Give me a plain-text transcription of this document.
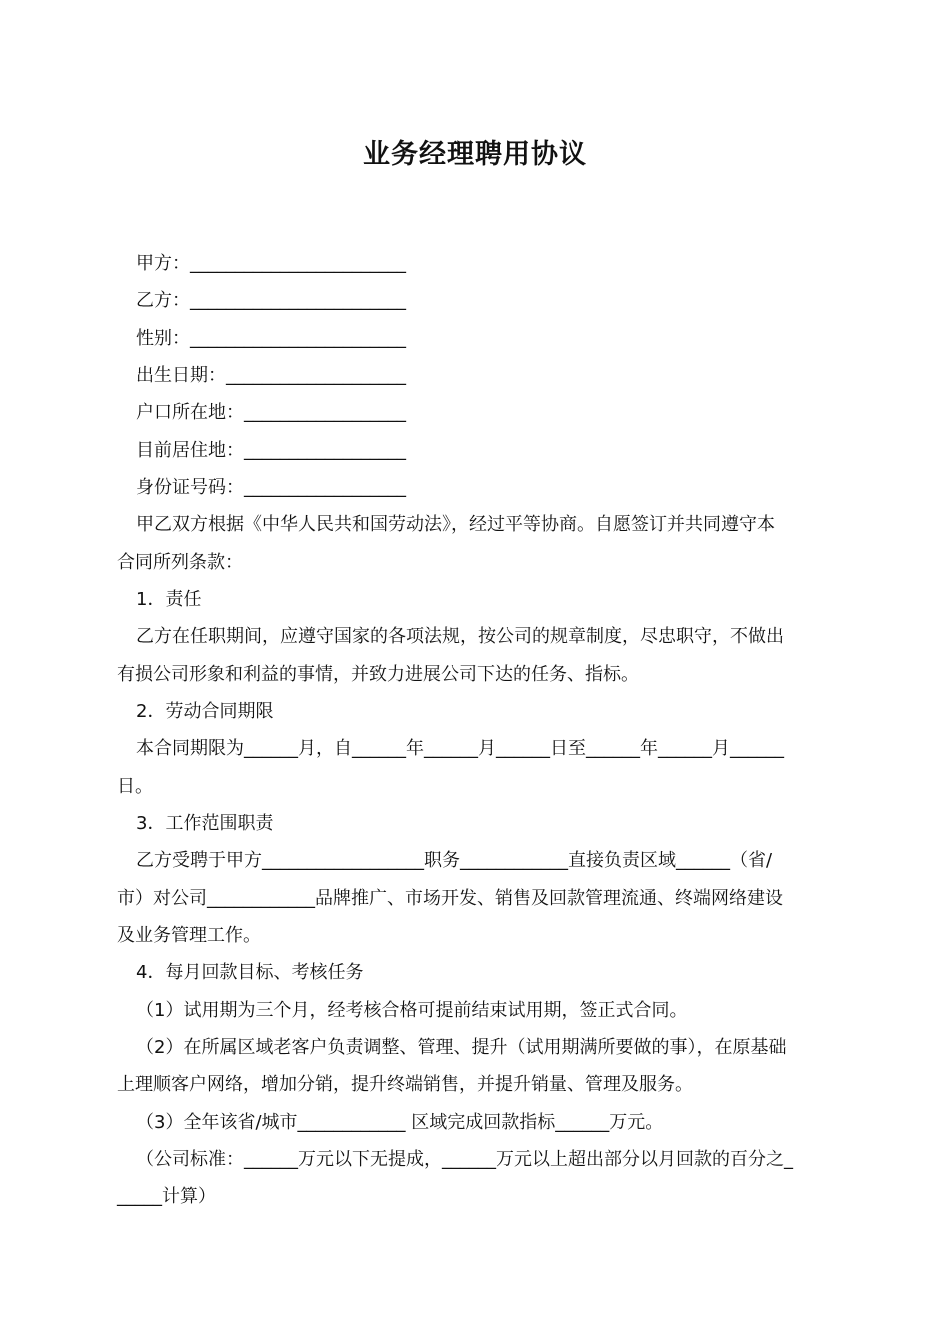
业务经理聘用协议

甲方：________________________

乙方：________________________

性别：________________________

出生日期：____________________

户口所在地：__________________

目前居住地：__________________

身份证号码：__________________

甲乙双方根据《中华人民共和国劳动法》，经过平等协商。自愿签订并共同遵守本

合同所列条款：

1．责任

乙方在任职期间，应遵守国家的各项法规，按公司的规章制度，尽忠职守，不做出

有损公司形象和利益的事情，并致力进展公司下达的任务、指标。

2．劳动合同期限

本合同期限为______月，自______年______月______日至______年______月______

日。

3．工作范围职责

乙方受聘于甲方__________________职务____________直接负责区域______（省/

市）对公司____________品牌推广、市场开发、销售及回款管理流通、终端网络建设

及业务管理工作。

4．每月回款目标、考核任务

（1）试用期为三个月，经考核合格可提前结束试用期，签正式合同。

（2）在所属区域老客户负责调整、管理、提升（试用期满所要做的事），在原基础

上理顺客户网络，增加分销，提升终端销售，并提升销量、管理及服务。

（3）全年该省/城市____________ 区域完成回款指标______万元。

（公司标准：______万元以下无提成，______万元以上超出部分以月回款的百分之_

_____计算）
